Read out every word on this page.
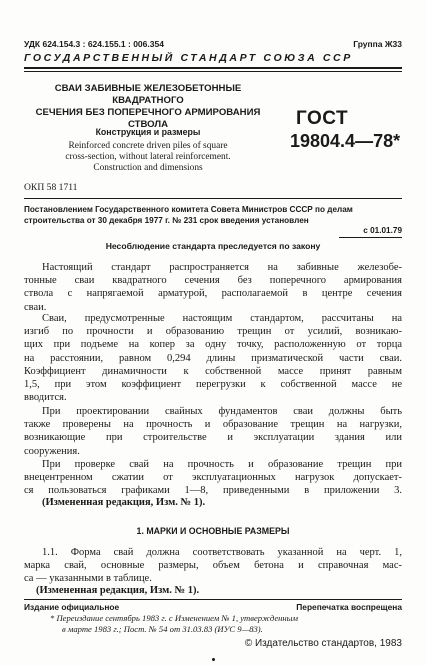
УДК 624.154.3 : 624.155.1 : 006.354	Группа Ж33
ГОСУДАРСТВЕННЫЙ СТАНДАРТ СОЮЗА ССР
СВАИ ЗАБИВНЫЕ ЖЕЛЕЗОБЕТОННЫЕ КВАДРАТНОГО
СЕЧЕНИЯ БЕЗ ПОПЕРЕЧНОГО АРМИРОВАНИЯ
СТВОЛА
Конструкция и размеры
Reinforced concrete driven piles of square
cross-section, without lateral reinforcement.
Construction and dimensions
ОКП 58 1711
ГОСТ
19804.4—78*
Постановлением Государственного комитета Совета Министров СССР по делам
строительства от 30 декабря 1977 г. № 231 срок введения установлен
с 01.01.79
Несоблюдение стандарта преследуется по закону
Настоящий стандарт распространяется на забивные железобе-
тонные сваи квадратного сечения без поперечного армирования
ствола с напрягаемой арматурой, располагаемой в центре сечения
сваи.
Сваи, предусмотренные настоящим стандартом, рассчитаны на
изгиб по прочности и образованию трещин от усилий, возникаю-
щих при подъеме на копер за одну точку, расположенную от торца
на расстоянии, равном 0,294 длины призматической части сваи.
Коэффициент динамичности к собственной массе принят равным
1,5, при этом коэффициент перегрузки к собственной массе не
вводится.
При проектировании свайных фундаментов сваи должны быть
также проверены на прочность и образование трещин на нагрузки,
возникающие при строительстве и эксплуатации здания или
сооружения.
При проверке свай на прочность и образование трещин при
внецентренном сжатии от эксплуатационных нагрузок допускает-
ся пользоваться графиками 1—8, приведенными в приложении 3.
(Измененная редакция, Изм. № 1).
1. МАРКИ И ОСНОВНЫЕ РАЗМЕРЫ
1.1. Форма свай должна соответствовать указанной на черт. 1,
марка свай, основные размеры, объем бетона и справочная мас-
са — указанными в таблице.
(Измененная редакция, Изм. № 1).
Издание официальное	Перепечатка воспрещена
* Переиздание сентябрь 1983 г. с Изменением № 1, утвержденным
в марте 1983 г.; Пост. № 54 от 31.03.83 (ИУС 9—83).
© Издательство стандартов, 1983
